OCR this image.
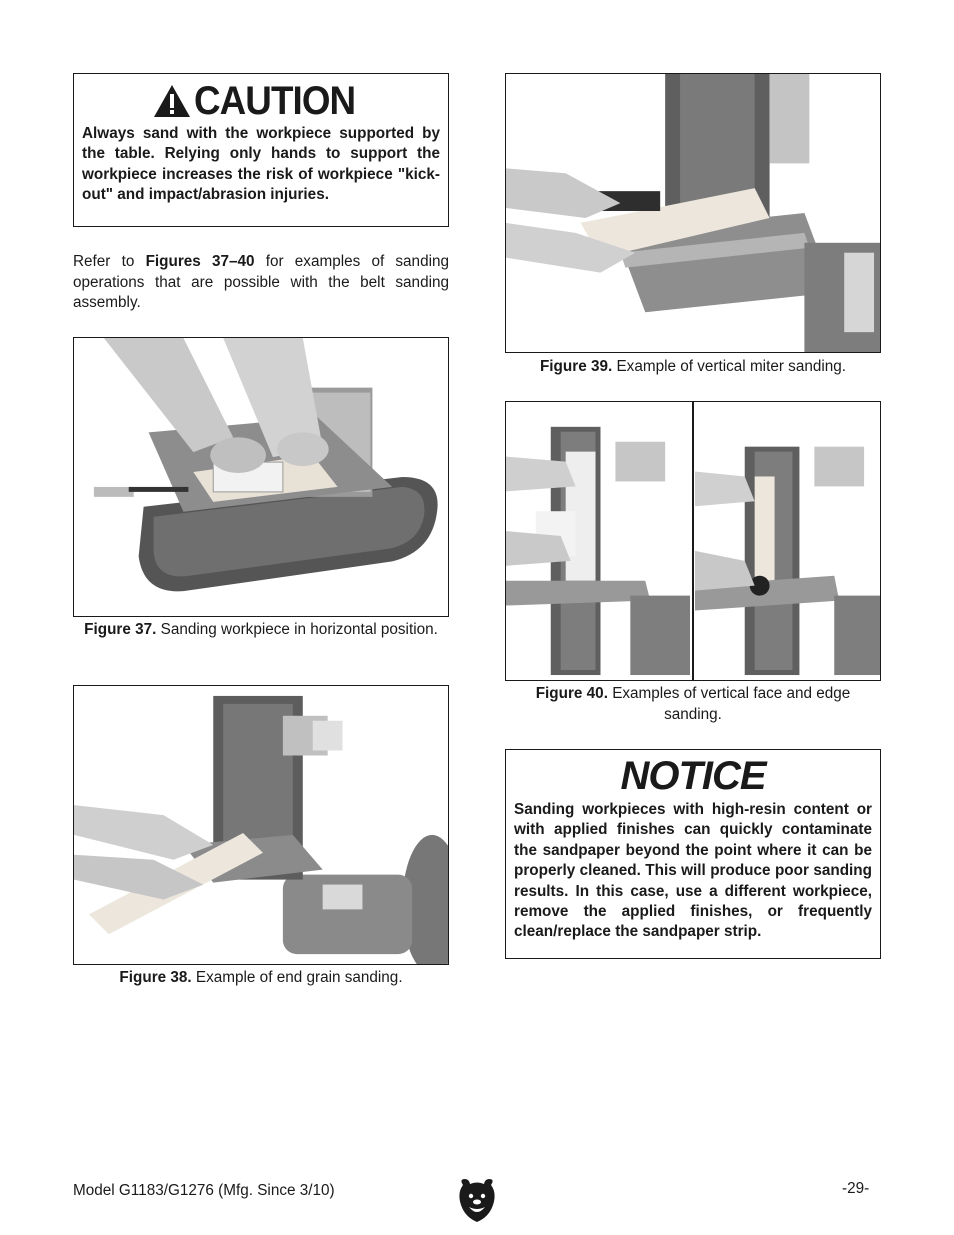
CAUTION

Always sand with the workpiece supported by the table. Relying only hands to support the workpiece increases the risk of workpiece "kick-out" and impact/abrasion injuries.

Refer to Figures 37–40 for examples of sanding operations that are possible with the belt sanding assembly.

Figure 37. Sanding workpiece in horizontal position.

Figure 38. Example of end grain sanding.

Figure 39. Example of vertical miter sanding.

Figure 40. Examples of vertical face and edge sanding.

NOTICE

Sanding workpieces with high-resin content or with applied finishes can quickly contaminate the sandpaper beyond the point where it can be properly cleaned. This will produce poor sanding results. In this case, use a different workpiece, remove the applied finishes, or frequently clean/replace the sandpaper strip.

Model G1183/G1276 (Mfg. Since 3/10)	-29-
